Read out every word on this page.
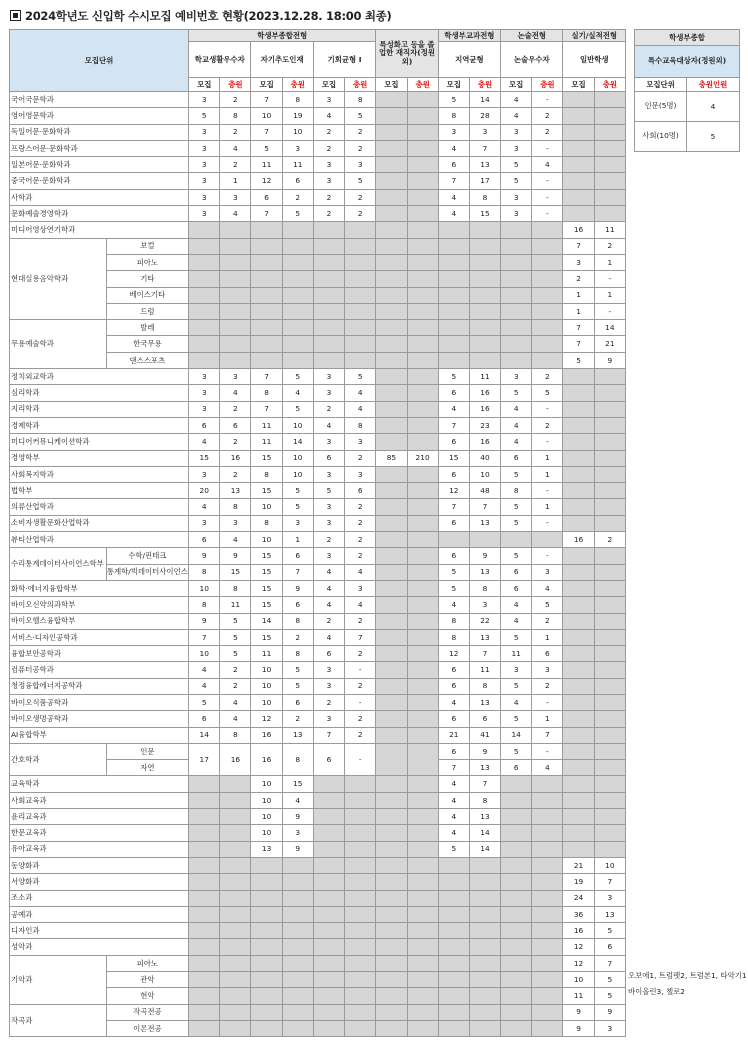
2024학년도 신입학 수시모집 예비번호 현황(2023.12.28. 18:00 최종)
모집단위		학생부종합전형						특성화고 등을 졸업한 재직자(정원외)		학생부교과전형		논술전형		실기/실적전형	
		학교생활우수자		자기추도인재		기회균형 I				지역균형		논술우수자		일반학생	
		모집	충원	모집	충원	모집	충원	모집	충원	모집	충원	모집	충원	모집	충원
국어국문학과		3	2	7	8	3	8			5	14	4	-		
영어영문학과		5	8	10	19	4	5			8	28	4	2		
독일어문·문화학과		3	2	7	10	2	2			3	3	3	2		
프랑스어문·문화학과		3	4	5	3	2	2			4	7	3	-		
일본어문·문화학과		3	2	11	11	3	3			6	13	5	4		
중국어문·문화학과		3	1	12	6	3	5			7	17	5	-		
사학과		3	3	6	2	2	2			4	8	3	-		
문화예술경영학과		3	4	7	5	2	2			4	15	3	-		
미디어영상연기학과														16	11
현대실용음악학과	보컬													7	2
	피아노													3	1
	기타													2	-
	베이스기타													1	1
	드럼													1	-
무용예술학과	발레													7	14
	한국무용													7	21
	댄스스포츠													5	9
정치외교학과		3	3	7	5	3	5			5	11	3	2		
심리학과		3	4	8	4	3	4			6	16	5	5		
지리학과		3	2	7	5	2	4			4	16	4	-		
경제학과		6	6	11	10	4	8			7	23	4	2		
미디어커뮤니케이션학과		4	2	11	14	3	3			6	16	4	-		
경영학부		15	16	15	10	6	2	85	210	15	40	6	1		
사회복지학과		3	2	8	10	3	3			6	10	5	1		
법학부		20	13	15	5	5	6			12	48	8	-		
의류산업학과		4	8	10	5	3	2			7	7	5	1		
소비자생활문화산업학과		3	3	8	3	3	2			6	13	5	-		
뷰티산업학과		6	4	10	1	2	2							16	2
수리통계데이터사이언스학부	수학/핀테크	9	9	15	6	3	2			6	9	5	-		
	통계학/빅데이터사이언스	8	15	15	7	4	4			5	13	6	3		
화학·에너지융합학부		10	8	15	9	4	3			5	8	6	4		
바이오신약의과학부		8	11	15	6	4	4			4	3	4	5		
바이오헬스융합학부		9	5	14	8	2	2			8	22	4	2		
서비스·디자인공학과		7	5	15	2	4	7			8	13	5	1		
융합보안공학과		10	5	11	8	6	2			12	7	11	6		
컴퓨터공학과		4	2	10	5	3	-			6	11	3	3		
청정융합에너지공학과		4	2	10	5	3	2			6	8	5	2		
바이오식품공학과		5	4	10	6	2	-			4	13	4	-		
바이오생명공학과		6	4	12	2	3	2			6	6	5	1		
AI융합학부		14	8	16	13	7	2			21	41	14	7		
간호학과	인문	17	16	16	8	6	-			6	9	5	-		
	자연									7	13	6	4		
교육학과				10	15					4	7				
사회교육과				10	4					4	8				
윤리교육과				10	9					4	13				
한문교육과				10	3					4	14				
유아교육과				13	9					5	14				
동양화과														21	10
서양화과														19	7
조소과														24	3
공예과														36	13
디자인과														16	5
성악과														12	6
기악과	피아노													12	7
	관악													10	5
	현악													11	5
작곡과	작곡전공													9	9
	이론전공													9	3
학생부종합	
특수교육대상자(정원외)	
모집단위	충원인원
인문(5명)	4
사회(10명)	5
오보에1, 트럼펫2, 트럼본1, 타악기1
바이올린3, 첼로2
